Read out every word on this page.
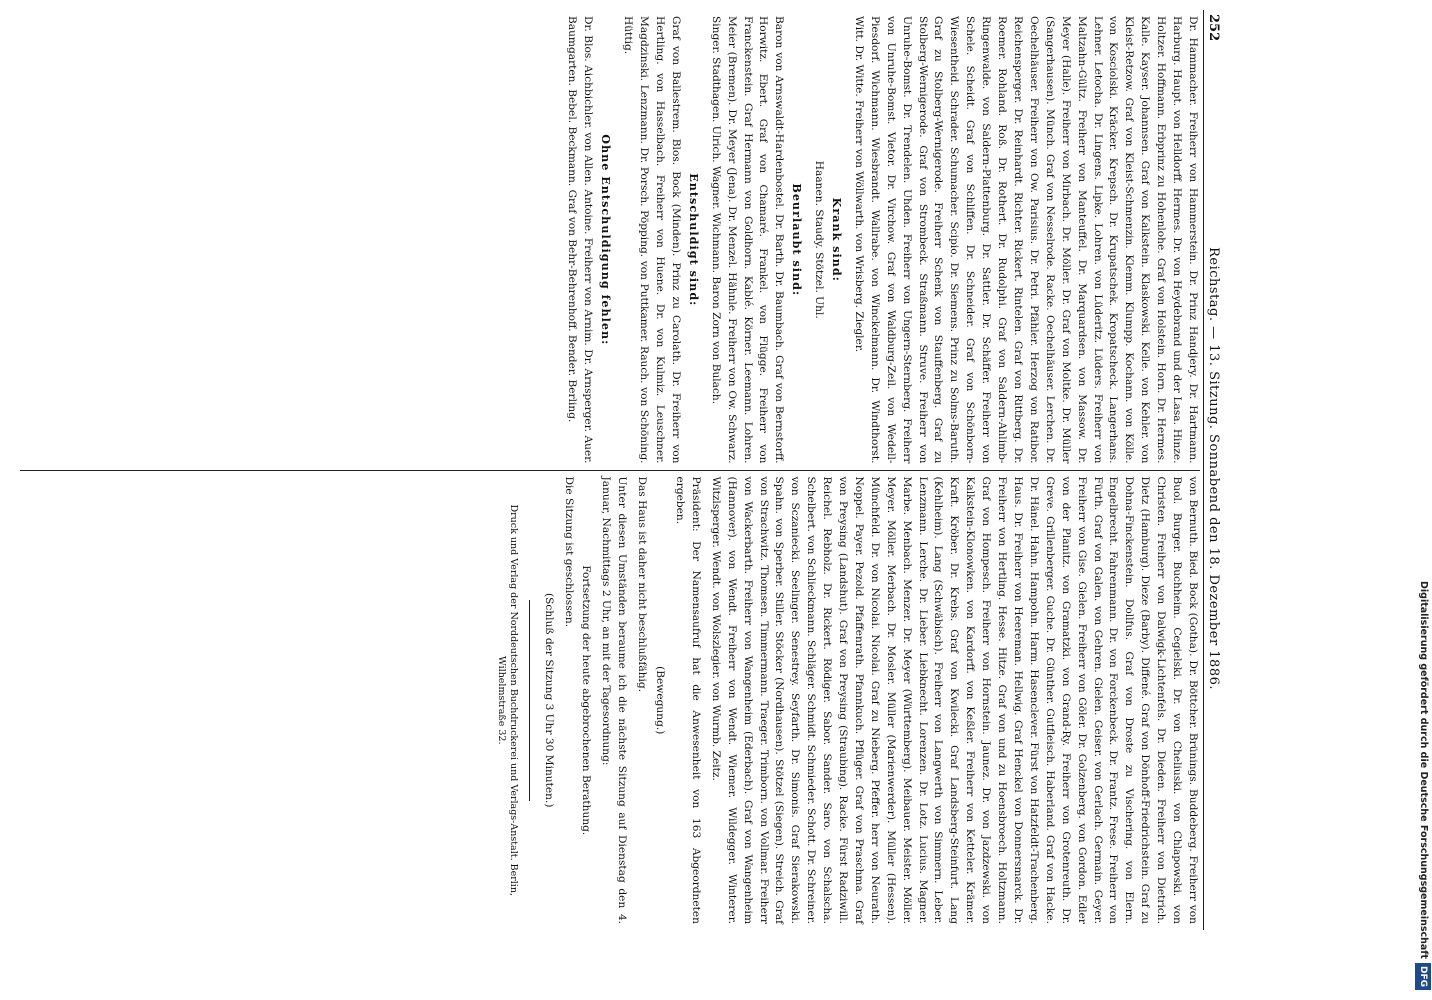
252
Reichstag. — 13. Sitzung. Sonnabend den 18. Dezember 1886.

Dr. Hammacher. Freiherr von Hammerstein. Dr. Prinz Handjery. Dr. Hartmann. Harburg. Haupt. von Helldorff. Hermes. Dr. von Heydebrand und der Lasa. Hinze. Holtzer. Hoffmann. Erbprinz zu Hohenlohe. Graf von Holstein. Horn. Dr. Hermes. Kalle. Kayser. Johannsen. Graf von Kalkstein. Klaskowski. Kelle. von Kehler. von Kleist-Retzow. Graf von Kleist-Schmenzin. Klemm. Klumpp. Kochann. von Kölle. von Kosciolski. Kräcker. Krepsch. Dr. Krupatschek. Kropatscheck. Langerhans. Lehner. Letocha. Dr. Lingens. Lipke. Lohren. von Lüderitz. Lüders. Freiherr von Maltzahn-Gültz. Freiherr von Manteuffel. Dr. Marquardsen. von Massow. Dr. Meyer (Halle). Freiherr von Mirbach. Dr. Möller. Dr. Graf von Moltke. Dr. Müller (Sangerhausen). Münch. Graf von Nesselrode. Racke. Oechelhäuser. Lerchen. Dr. Oechelhäuser. Freiherr von Ow. Parisius. Dr. Petri. Pfähler. Herzog von Ratibor. Reichensperger. Dr. Reinhardt. Richter. Rickert. Rintelen. Graf von Rittberg. Dr. Roemer. Rohland. Roß. Dr. Rothert. Dr. Rudolphi. Graf von Saldern-Ahlimb-Ringenwalde. von Saldern-Plattenburg. Dr. Sattler. Dr. Schäffer. Freiherr von Schele. Scheidt. Graf von Schliffen. Dr. Schneider. Graf von Schönborn-Wiesentheid. Schrader. Schumacher. Scipio. Dr. Siemens. Prinz zu Solms-Baruth. Graf zu Stolberg-Wernigerode. Freiherr Schenk von Stauffenberg. Graf zu Stolberg-Wernigerode. Graf von Strombeck. Straßmann. Struve. Freiherr von Unruhe-Bomst. Dr. Trendelen. Uhden. Freiherr von Ungern-Sternberg. Freiherr von Unruhe-Bomst. Vietor. Dr. Virchow. Graf von Waldburg-Zeil. von Wedell-Piesdorf. Wichmann. Wiesbrandt. Wallrabe. von Winckelmann. Dr. Windthorst. Witt. Dr. Witte. Freiherr von Wöllwarth. von Wrisberg. Ziegler.

Krank sind:

Haanen. Staudy. Stötzel. Uhl.

Beurlaubt sind:

Baron von Arnswaldt-Hardenbostel. Dr. Barth. Dr. Baumbach. Graf von Bernstorff. Horwitz. Ebert. Graf von Chamaré. Frankel. von Flügge. Freiherr von Franckenstein. Graf Hermann von Goldhorn. Kablé. Körner. Leemann. Lohren. Meier (Bremen). Dr. Meyer (Jena). Dr. Menzel. Hähnle. Freiherr von Ow. Schwarz. Singer. Stadthagen. Ulrich. Wagner. Wichmann. Baron Zorn von Bulach.

Entschuldigt sind:

Graf von Ballestrem. Blos. Bock (Minden). Prinz zu Carolath. Dr. Freiherr von Hertling. von Hasselbach. Freiherr von Huene. Dr. von Kulmiz. Leuschner. Magdzinski. Lenzmann. Dr. Porsch. Pöpping. von Puttkamer. Rauch. von Schöning. Hüttig.

Ohne Entschuldigung fehlen:

Dr. Blos. Aichbichler. von Allen. Antoine. Freiherr von Arnim. Dr. Arnsperger. Auer. Baumgarten. Bebel. Beckmann. Graf von Behr-Behrenhoff. Bender. Berling.

von Bernuth. Bied. Bock (Gotha). Dr. Böttcher. Brünings. Buddeberg. Freiherr von Buol. Burger. Buchheim. Cegielski. Dr. von Cheliuski. von Chlapowski. von Christen. Freiherr von Dalwigk-Lichtenfels. Dr. Dieden. Freiherr von Dietrich. Dietz (Hamburg). Dieze (Barby). Diffené. Graf von Dönhoff-Friedrichstein. Graf zu Dohna-Finckenstein. Dollfus. Graf von Droste zu Vischering. von Elern. Engelbrecht. Fahrenmann. Dr. von Forckenbeck. Dr. Frantz. Frese. Freiherr von Fürth. Graf von Galen. von Gehren. Gielen. Geiser. von Gerlach. Germain. Geyer. Freiherr von Gise. Gielen. Freiherr von Göler. Dr. Golzenberg. von Gordon. Edler von der Planitz. von Gramatzki. von Grand-Ry. Freiherr von Grotenreuth. Dr. Greve. Grillenberger. Guche. Dr. Günther. Gutfleisch. Haberland. Graf von Hacke. Dr. Hänel. Hahn. Hampohn. Harm. Hasenclever. Fürst von Hatzfeldt-Trachenberg. Haus. Dr. Freiherr von Heereman. Hellwig. Graf Henckel von Donnersmarck. Dr. Freiherr von Hertling. Hesse. Hitze. Graf von und zu Hoensbroech. Holtzmann. Graf von Hompesch. Freiherr von Hornstein. Jaunez. Dr. von Jazdzewski. von Kalkstein-Klonowken. von Kardorff. von Keßler. Freiherr von Ketteler. Krämer. Kraft. Kröber. Dr. Krebs. Graf von Kwilecki. Graf Landsberg-Steinfurt. Lang (Kehlheim). Lang (Schwäbisch). Freiherr von Langwerth von Simmern. Leber. Lenzmann. Lerche. Dr. Lieber. Liebknecht. Lorenzen. Dr. Lotz. Lucius. Magner. Marbe. Menbach. Menzer. Dr. Meyer (Württemberg). Meibauer. Meister. Möller. Meyer. Möller. Merbach. Dr. Mosler. Müller (Marienwerder). Müller (Hessen). Münchfeld. Dr. von Nicolai. Nicolai. Graf zu Nieberg. Pfeffer. herr von Neurath. Noppel. Payer. Pezold. Pfaffenrath. Pfannkuch. Pflüger. Graf von Praschma. Graf von Preysing (Landshut). Graf von Preysing (Straubing). Racke. Fürst Radziwill. Reichel. Rebholz. Dr. Rickert. Rödiger. Sabor. Sander. Saro. von Schalscha. Schelbert. von Schlieckmann. Schläger. Schmidt. Schmieder. Schott. Dr. Schreiner. von Sczaniecki. Seelinger. Senestrey. Seyfarth. Dr. Simonis. Graf Sierakowski. Spahn. von Sperber. Stiller. Stöcker (Nordhausen). Stötzel (Siegen). Streich. Graf von Strachwitz. Thomsen. Timmermann. Traeger. Trimborn. von Vollmar. Freiherr von Wackerbarth. Freiherr von Wangenheim (Ederbach). Graf von Wangenheim (Hannover). von Wendt. Freiherr von Wendt. Wiemer. Wildegger. Winterer. Witzlsperger. Wendt. von Wolszlegier. von Wurmb. Zeitz.

Präsident: Der Namensaufruf hat die Anwesenheit von 163 Abgeordneten ergeben.

(Bewegung.)

Das Haus ist daher nicht beschlußfähig.

Unter diesen Umständen beraume ich die nächste Sitzung auf Dienstag den 4. Januar, Nachmittags 2 Uhr, an mit der Tagesordnung:

Fortsetzung der heute abgebrochenen Berathung.

Die Sitzung ist geschlossen.

(Schluß der Sitzung 3 Uhr 30 Minuten.)

Druck und Verlag der Norddeutschen Buchdruckerei und Verlags-Anstalt. Berlin, Wilhelmstraße 32.	Digitalisierung gefördert durch die Deutsche ForschungsgemeinschaftDFG
